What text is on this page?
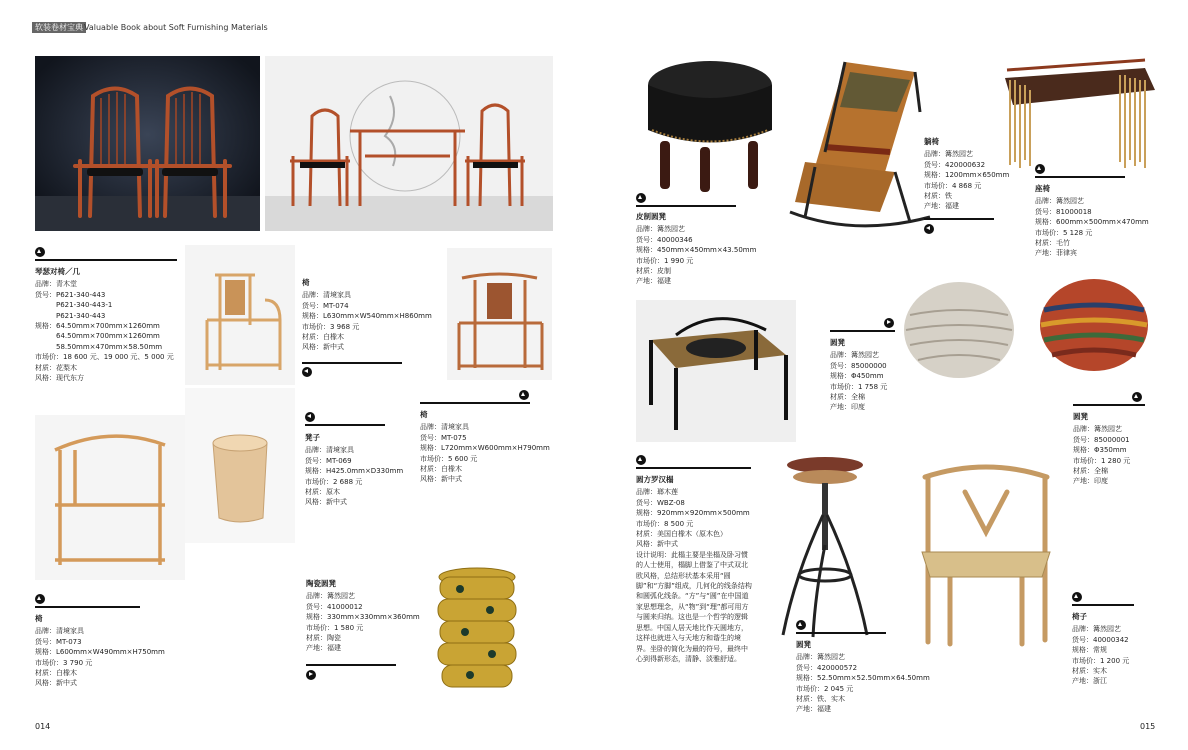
软装卷材宝典 Valuable Book about Soft Furnishing Materials
琴瑟对椅／几
品牌：青木堂
货号：P621-340-443
P621-340-443-1
P621-340-443
规格：64.50mm×700mm×1260mm
64.50mm×700mm×1260mm
58.50mm×470mm×58.50mm
市场价：18 600 元、19 000 元、5 000 元
材质：花梨木
风格：现代东方
椅
品牌：清境家具
货号：MT-074
规格：L630mm×W540mm×H860mm
市场价：3 968 元
材质：白橡木
风格：新中式
椅
品牌：清境家具
货号：MT-075
规格：L720mm×W600mm×H790mm
市场价：5 600 元
材质：白橡木
风格：新中式
凳子
品牌：清境家具
货号：MT-069
规格：H425.0mm×D330mm
市场价：2 688 元
材质：原木
风格：新中式
椅
品牌：清境家具
货号：MT-073
规格：L600mm×W490mm×H750mm
市场价：3 790 元
材质：白橡木
风格：新中式
陶瓷圆凳
品牌：篝然园艺
货号：41000012
规格：330mm×330mm×360mm
市场价：1 580 元
材质：陶瓷
产地：福建
014
皮制圆凳
品牌：篝然园艺
货号：40000346
规格：450mm×450mm×43.50mm
市场价：1 990 元
材质：皮制
产地：福建
躺椅
品牌：篝然园艺
货号：420000632
规格：1200mm×650mm
市场价：4 868 元
材质：铁
产地：福建
座椅
品牌：篝然园艺
货号：81000018
规格：600mm×500mm×470mm
市场价：5 128 元
材质：毛竹
产地：菲律宾
圆凳
品牌：篝然园艺
货号：85000000
规格：Φ450mm
市场价：1 758 元
材质：全棉
产地：印度
圆凳
品牌：篝然园艺
货号：85000001
规格：Φ350mm
市场价：1 280 元
材质：全棉
产地：印度
圆方罗汉榻
品牌：瑯木莲
货号：WBZ-08
规格：920mm×920mm×500mm
市场价：8 500 元
材质：美国白橡木（原木色）
风格：新中式
设计说明：此榻主要是坐榻及卧习惯的人士使用，榻脚上借鉴了中式双北欧风格，总结形状基本采用“圆脚”和“方脚”组成，几何化的线条结构和圆弧化线条。“方”与“圆”在中国道家思想理念，从“物”到“理”都可用方与圆来归纳。这也是一个哲学的逻辑思想。中国人居天地比作天圆地方，这样也就进入与天地方和谐生的境界。坐卧的简化为最的符号，最终中心到得新形态，清静、淡雅舒适。
圆凳
品牌：篝然园艺
货号：420000572
规格：52.50mm×52.50mm×64.50mm
市场价：2 045 元
材质：铁、实木
产地：福建
椅子
品牌：篝然园艺
货号：40000342
规格：常规
市场价：1 200 元
材质：实木
产地：浙江
015
